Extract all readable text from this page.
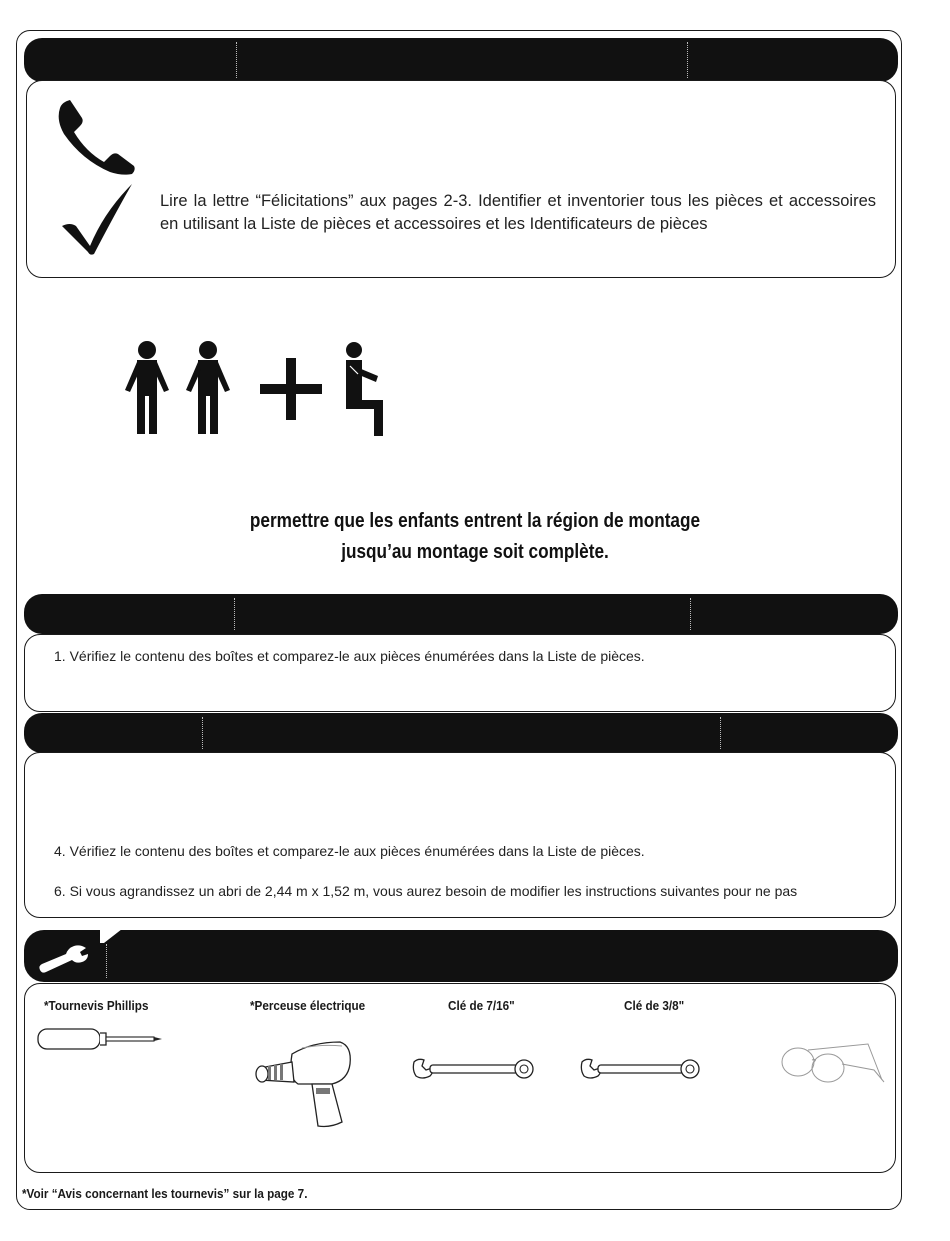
Lire la lettre “Félicitations” aux pages 2-3. Identifier et inventorier tous les pièces et accessoires en utilisant la Liste de pièces et accessoires et les Identificateurs de pièces
permettre que les enfants entrent la région de montage
jusqu’au montage soit complète.
1. Vérifiez le contenu des boîtes et comparez-le aux pièces énumérées dans la Liste de pièces.
4. Vérifiez le contenu des boîtes et comparez-le aux pièces énumérées dans la Liste de pièces.
6. Si vous agrandissez un abri de 2,44 m x 1,52 m, vous aurez besoin de modifier les instructions suivantes pour ne pas
*Tournevis Phillips	*Perceuse électrique	Clé de 7/16"	Clé de 3/8"
*Voir “Avis concernant les tournevis” sur la page 7.
